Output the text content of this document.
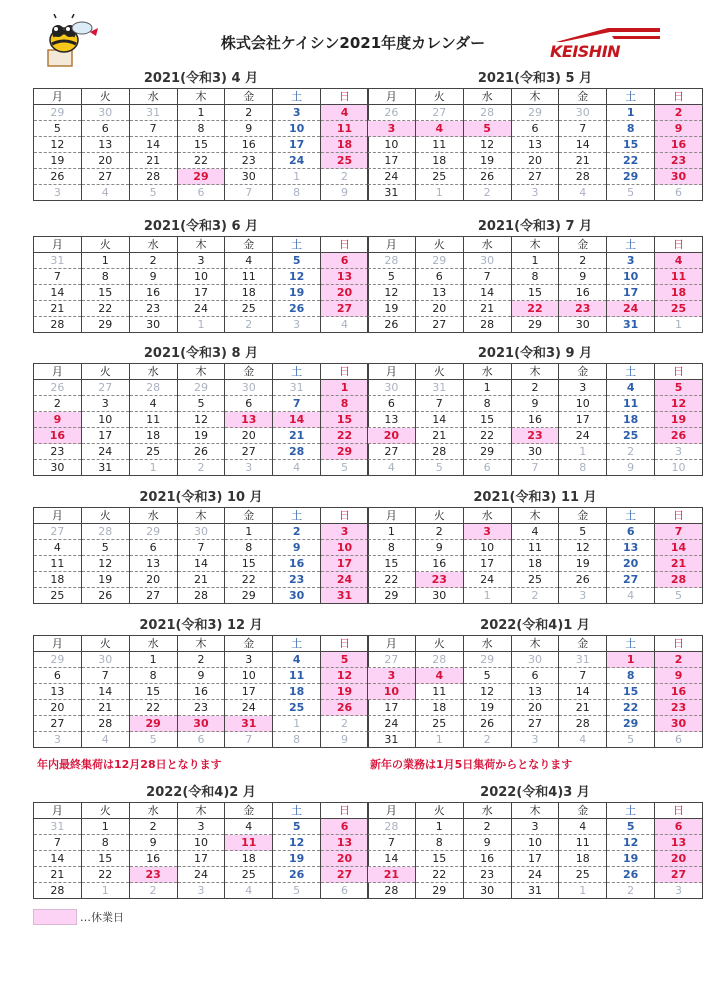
株式会社ケイシン2021年度カレンダー	KEISHIN
2021(令和3) 4 月
月	火	水	木	金	土	日
29	30	31	1	2	3	4
5	6	7	8	9	10	11
12	13	14	15	16	17	18
19	20	21	22	23	24	25
26	27	28	29	30	1	2
3	4	5	6	7	8	9
2021(令和3) 5 月
月	火	水	木	金	土	日
26	27	28	29	30	1	2
3	4	5	6	7	8	9
10	11	12	13	14	15	16
17	18	19	20	21	22	23
24	25	26	27	28	29	30
31	1	2	3	4	5	6
2021(令和3) 6 月
月	火	水	木	金	土	日
31	1	2	3	4	5	6
7	8	9	10	11	12	13
14	15	16	17	18	19	20
21	22	23	24	25	26	27
28	29	30	1	2	3	4
2021(令和3) 7 月
月	火	水	木	金	土	日
28	29	30	1	2	3	4
5	6	7	8	9	10	11
12	13	14	15	16	17	18
19	20	21	22	23	24	25
26	27	28	29	30	31	1
2021(令和3) 8 月
月	火	水	木	金	土	日
26	27	28	29	30	31	1
2	3	4	5	6	7	8
9	10	11	12	13	14	15
16	17	18	19	20	21	22
23	24	25	26	27	28	29
30	31	1	2	3	4	5
2021(令和3) 9 月
月	火	水	木	金	土	日
30	31	1	2	3	4	5
6	7	8	9	10	11	12
13	14	15	16	17	18	19
20	21	22	23	24	25	26
27	28	29	30	1	2	3
4	5	6	7	8	9	10
2021(令和3) 10 月
月	火	水	木	金	土	日
27	28	29	30	1	2	3
4	5	6	7	8	9	10
11	12	13	14	15	16	17
18	19	20	21	22	23	24
25	26	27	28	29	30	31
2021(令和3) 11 月
月	火	水	木	金	土	日
1	2	3	4	5	6	7
8	9	10	11	12	13	14
15	16	17	18	19	20	21
22	23	24	25	26	27	28
29	30	1	2	3	4	5
2021(令和3) 12 月
月	火	水	木	金	土	日
29	30	1	2	3	4	5
6	7	8	9	10	11	12
13	14	15	16	17	18	19
20	21	22	23	24	25	26
27	28	29	30	31	1	2
3	4	5	6	7	8	9
2022(令和4)1 月
月	火	水	木	金	土	日
27	28	29	30	31	1	2
3	4	5	6	7	8	9
10	11	12	13	14	15	16
17	18	19	20	21	22	23
24	25	26	27	28	29	30
31	1	2	3	4	5	6
2022(令和4)2 月
月	火	水	木	金	土	日
31	1	2	3	4	5	6
7	8	9	10	11	12	13
14	15	16	17	18	19	20
21	22	23	24	25	26	27
28	1	2	3	4	5	6
2022(令和4)3 月
月	火	水	木	金	土	日
28	1	2	3	4	5	6
7	8	9	10	11	12	13
14	15	16	17	18	19	20
21	22	23	24	25	26	27
28	29	30	31	1	2	3
年内最終集荷は12月28日となります	新年の業務は1月5日集荷からとなります
…休業日
